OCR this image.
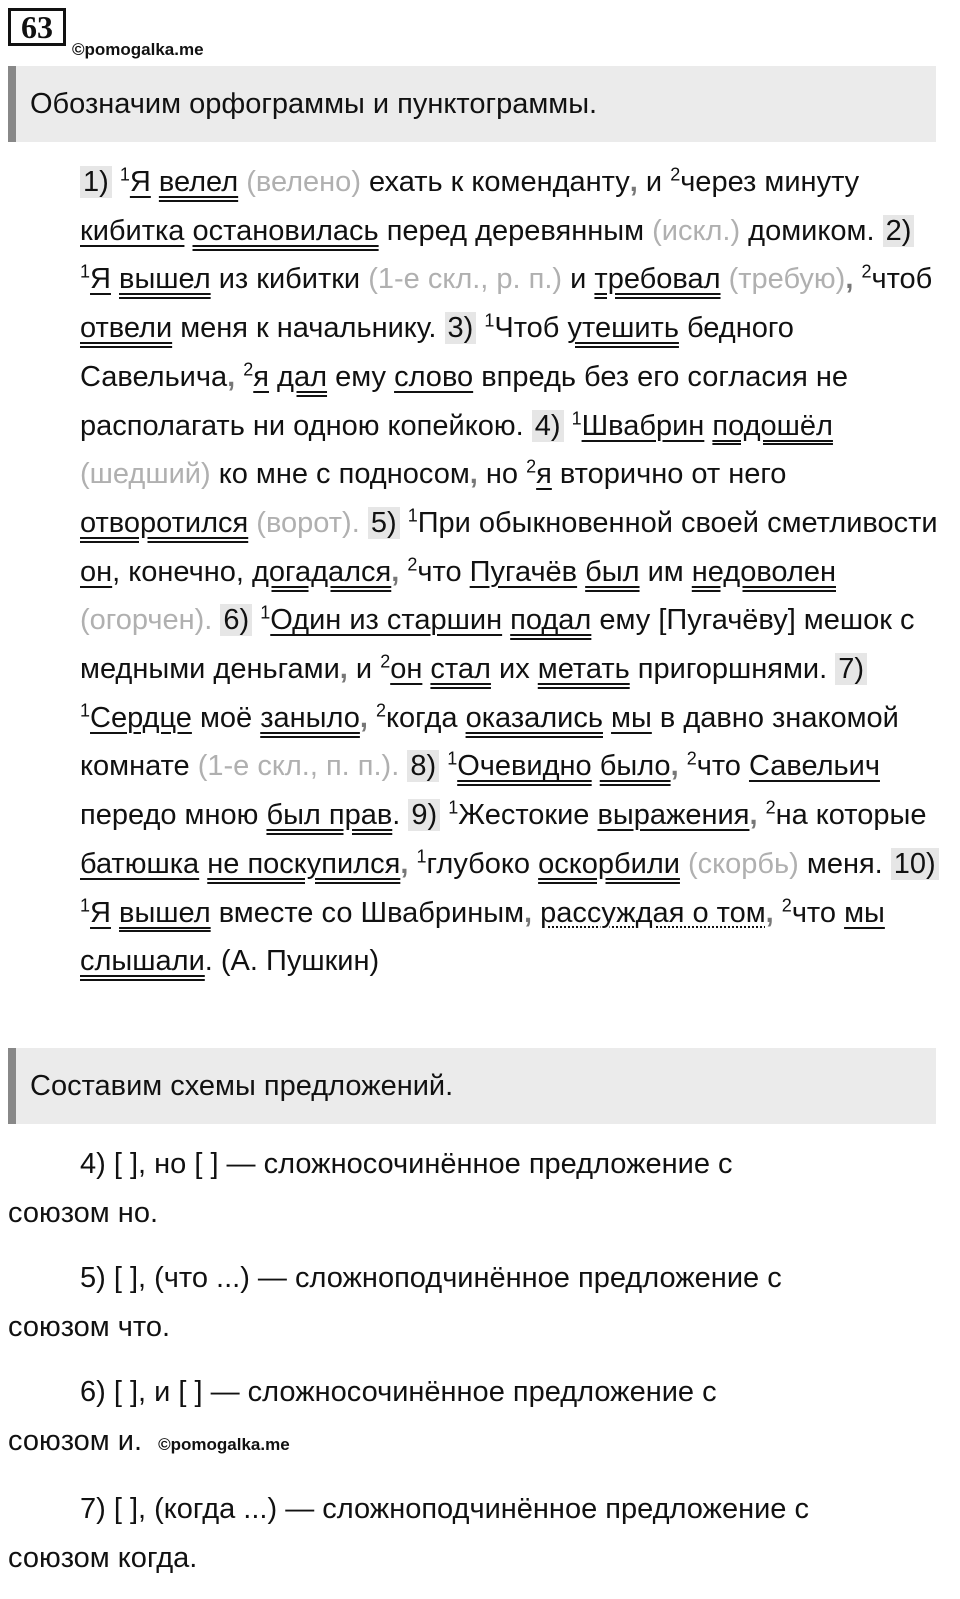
63
©pomogalka.me
Обозначим орфограммы и пунктограммы.

1) $^1$Я велел (велено) ехать к коменданту, и $^2$через минуту кибитка остановилась перед деревянным (искл.) домиком. 2) $^1$Я вышел из кибитки (1-е скл., р. п.) и требовал (требую), $^2$чтоб отвели меня к начальнику. 3) $^1$Чтоб утешить бедного Савельича, $^2$я дал ему слово впредь без его согласия не располагать ни одною копейкою. 4) $^1$Швабрин подошёл (шедший) ко мне с подносом, но $^2$я вторично от него отворотился (ворот). 5) $^1$При обыкновенной своей сметливости он, конечно, догадался, $^2$что Пугачёв был им недоволен (огорчен). 6) $^1$Один из старшин подал ему [Пугачёву] мешок с медными деньгами, и $^2$он стал их метать пригоршнями. 7) $^1$Сердце моё заныло, $^2$когда оказались мы в давно знакомой комнате (1-е скл., п. п.). 8) $^1$Очевидно было, $^2$что Савельич передо мною был прав. 9) $^1$Жестокие выражения, $^2$на которые батюшка не поскупился, $^1$глубоко оскорбили (скорбь) меня. 10) $^1$Я вышел вместе со Швабриным, рассуждая о том, $^2$что мы слышали. (А. Пушкин)

Составим схемы предложений.

4) [ ], но [ ] — сложносочинённое предложение с
союзом но.

5) [ ], (что ...) — сложноподчинённое предложение с
союзом что.

6) [ ], и [ ] — сложносочинённое предложение с
союзом и. ©pomogalka.me

7) [ ], (когда ...) — сложноподчинённое предложение с
союзом когда.
